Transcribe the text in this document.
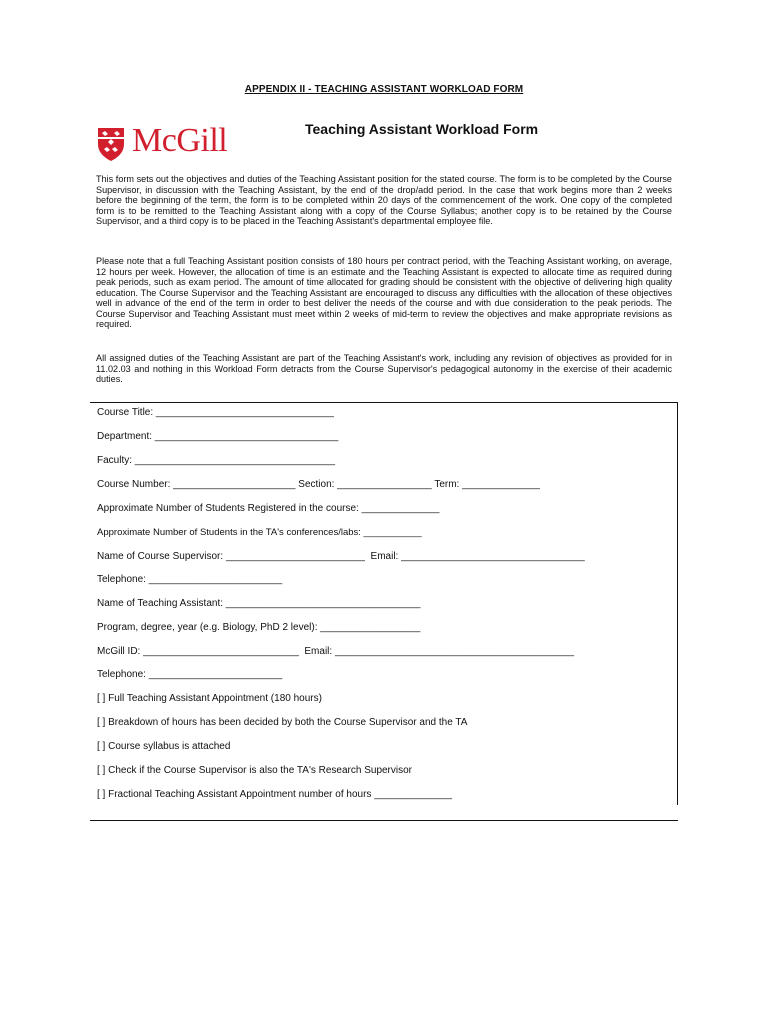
APPENDIX II - TEACHING ASSISTANT WORKLOAD FORM
McGill	Teaching Assistant Workload Form
This form sets out the objectives and duties of the Teaching Assistant position for the stated course. The form is to be completed by the Course Supervisor, in discussion with the Teaching Assistant, by the end of the drop/add period. In the case that work begins more than 2 weeks before the beginning of the term, the form is to be completed within 20 days of the commencement of the work. One copy of the completed form is to be remitted to the Teaching Assistant along with a copy of the Course Syllabus; another copy is to be retained by the Course Supervisor, and a third copy is to be placed in the Teaching Assistant's departmental employee file.
Please note that a full Teaching Assistant position consists of 180 hours per contract period, with the Teaching Assistant working, on average, 12 hours per week. However, the allocation of time is an estimate and the Teaching Assistant is expected to allocate time as required during peak periods, such as exam period. The amount of time allocated for grading should be consistent with the objective of delivering high quality education. The Course Supervisor and the Teaching Assistant are encouraged to discuss any difficulties with the allocation of these objectives well in advance of the end of the term in order to best deliver the needs of the course and with due consideration to the peak periods. The Course Supervisor and Teaching Assistant must meet within 2 weeks of mid-term to review the objectives and make appropriate revisions as required.
All assigned duties of the Teaching Assistant are part of the Teaching Assistant's work, including any revision of objectives as provided for in 11.02.03 and nothing in this Workload Form detracts from the Course Supervisor's pedagogical autonomy in the exercise of their academic duties.
Course Title: ________________________________
Department: _________________________________
Faculty: ____________________________________
Course Number: ______________________ Section: _________________ Term: ______________
Approximate Number of Students Registered in the course: ______________
Approximate Number of Students in the TA's conferences/labs: ___________
Name of Course Supervisor: _________________________  Email: _________________________________
Telephone: ________________________
Name of Teaching Assistant: ___________________________________
Program, degree, year (e.g. Biology, PhD 2 level): __________________
McGill ID: ____________________________  Email: ___________________________________________
Telephone: ________________________
[ ] Full Teaching Assistant Appointment (180 hours)
[ ] Breakdown of hours has been decided by both the Course Supervisor and the TA
[ ] Course syllabus is attached
[ ] Check if the Course Supervisor is also the TA's Research Supervisor
[ ] Fractional Teaching Assistant Appointment number of hours ______________
